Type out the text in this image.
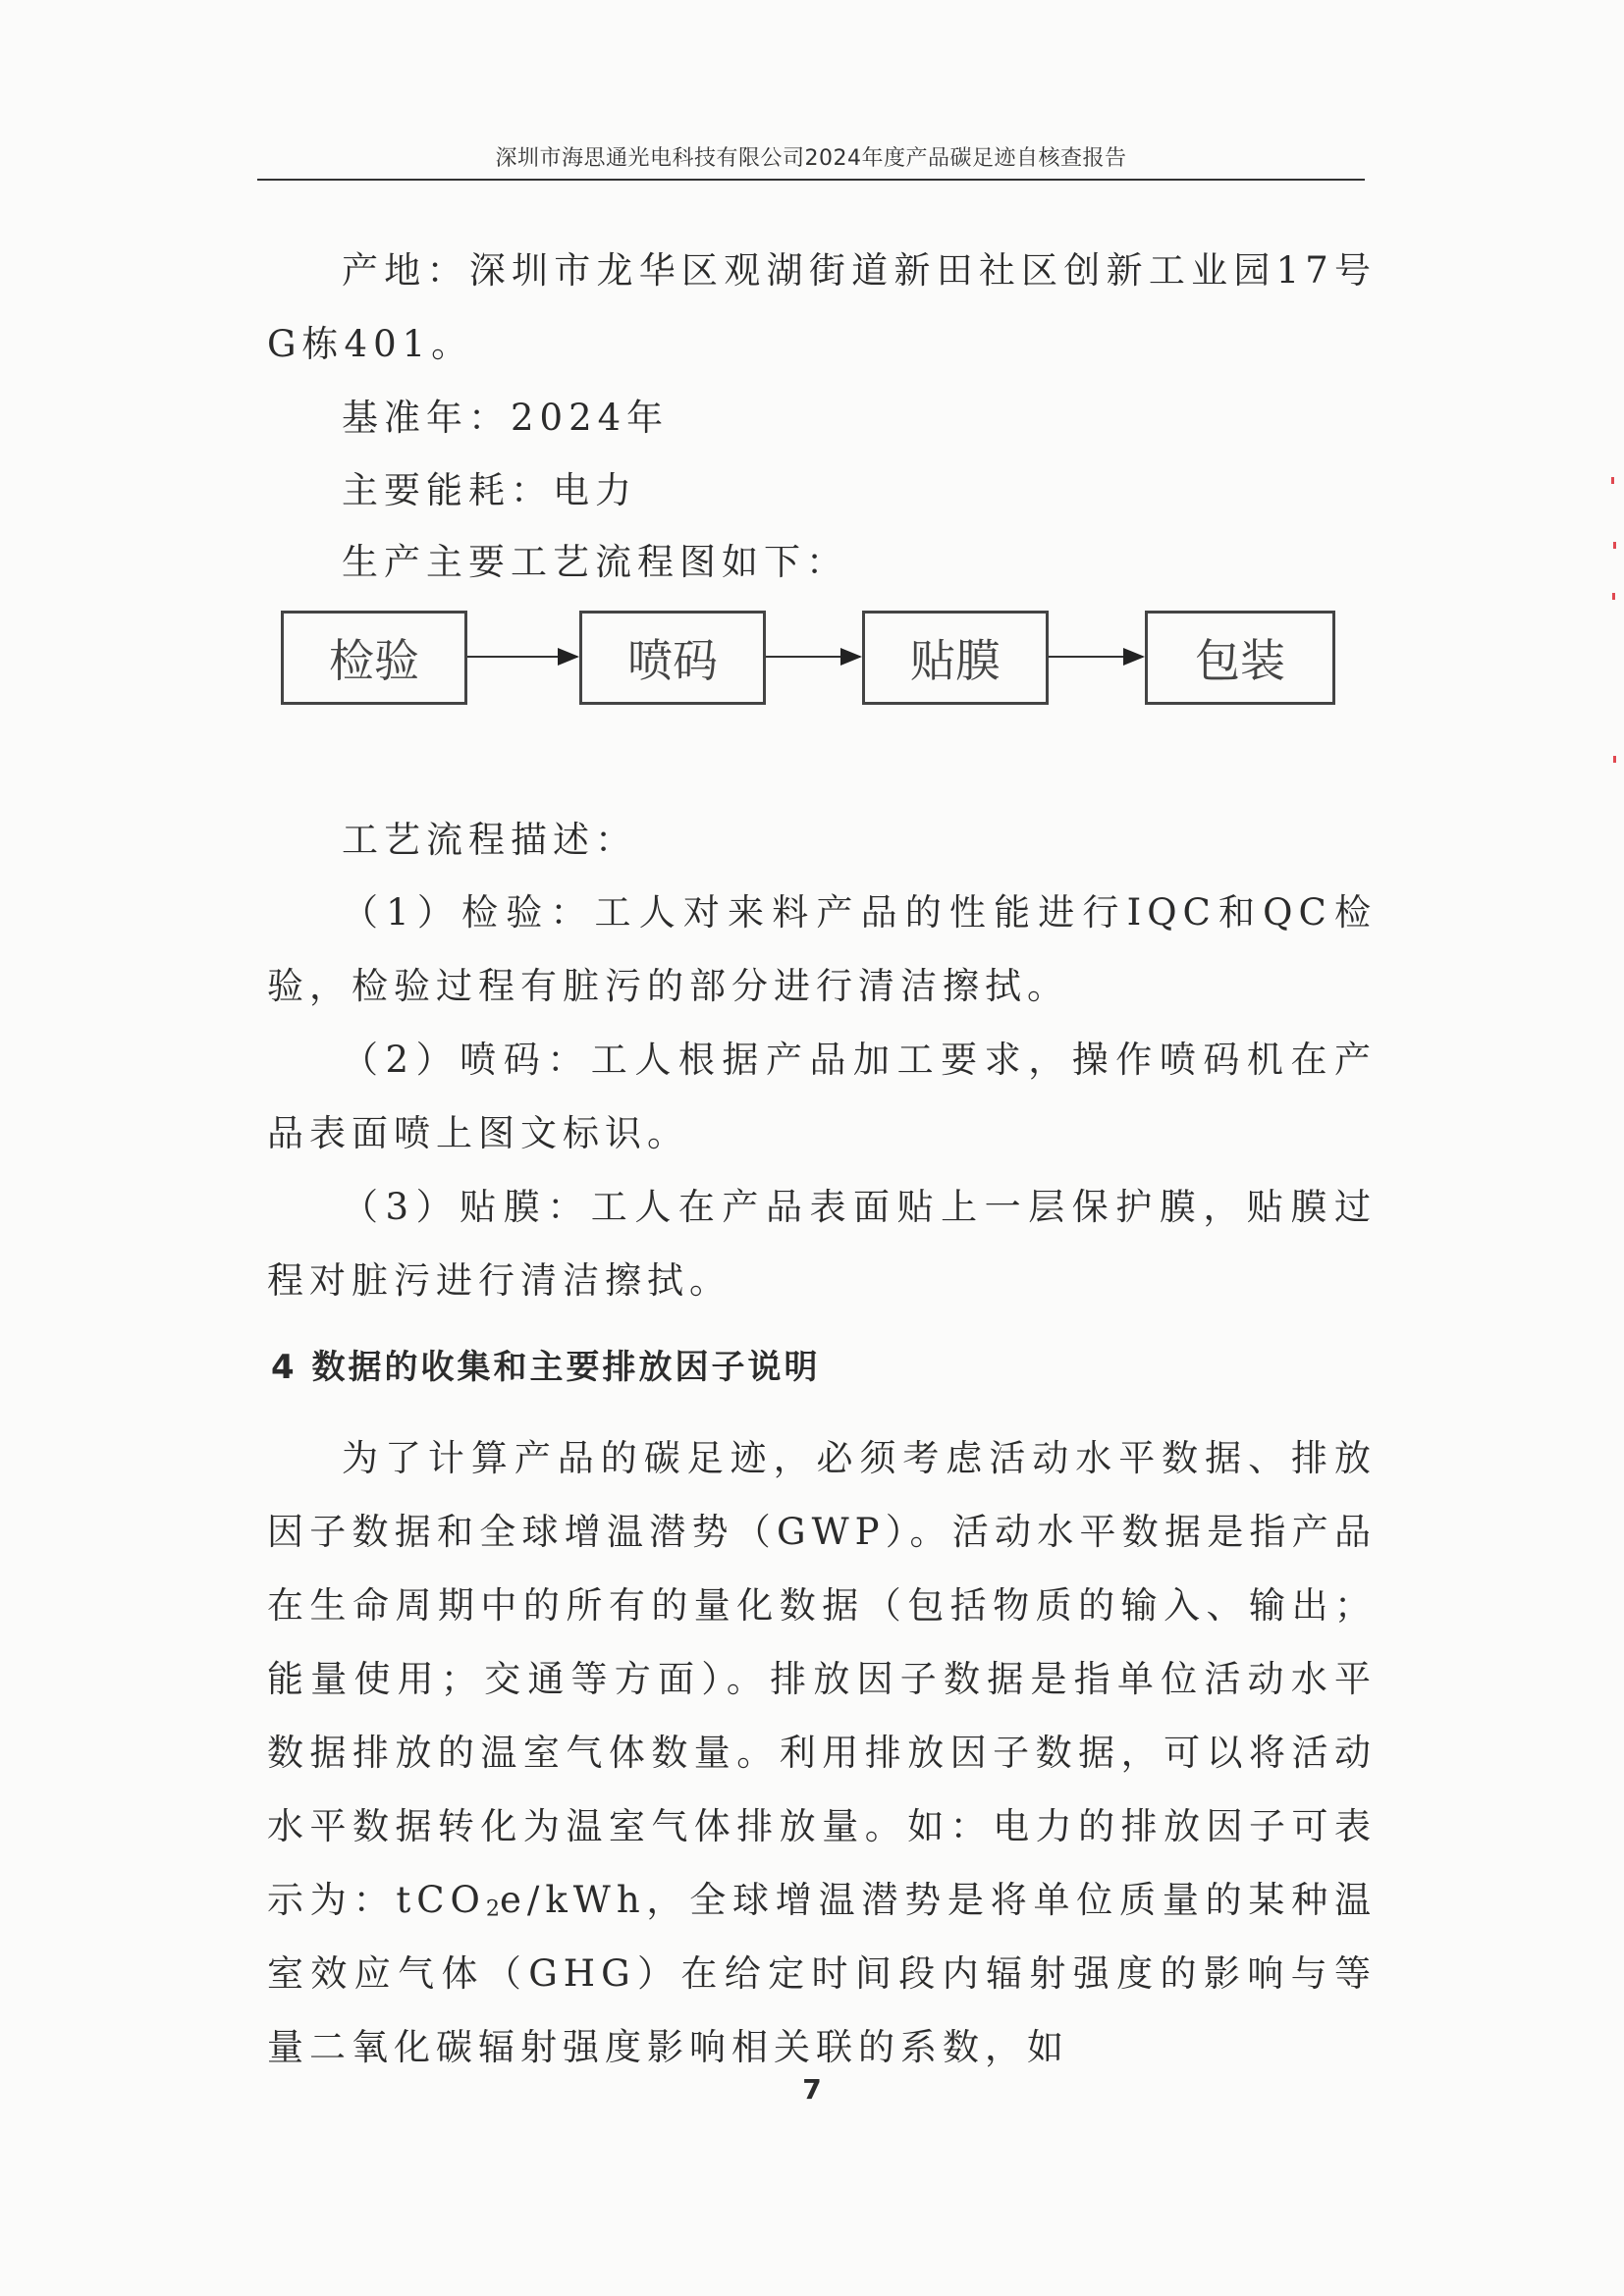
深圳市海思通光电科技有限公司2024年度产品碳足迹自核查报告

产地：深圳市龙华区观湖街道新田社区创新工业园17号G栋401。

基准年：2024年

主要能耗：电力

生产主要工艺流程图如下：

检验	喷码	贴膜	包装

工艺流程描述：

（1）检验：工人对来料产品的性能进行IQC和QC检验，检验过程有脏污的部分进行清洁擦拭。

（2）喷码：工人根据产品加工要求，操作喷码机在产品表面喷上图文标识。

（3）贴膜：工人在产品表面贴上一层保护膜，贴膜过程对脏污进行清洁擦拭。

4 数据的收集和主要排放因子说明

为了计算产品的碳足迹，必须考虑活动水平数据、排放因子数据和全球增温潜势（GWP）。活动水平数据是指产品在生命周期中的所有的量化数据（包括物质的输入、输出；能量使用；交通等方面）。排放因子数据是指单位活动水平数据排放的温室气体数量。利用排放因子数据，可以将活动水平数据转化为温室气体排放量。如：电力的排放因子可表示为：tCO$_2$e/kWh，全球增温潜势是将单位质量的某种温室效应气体（GHG）在给定时间段内辐射强度的影响与等量二氧化碳辐射强度影响相关联的系数，如

7
